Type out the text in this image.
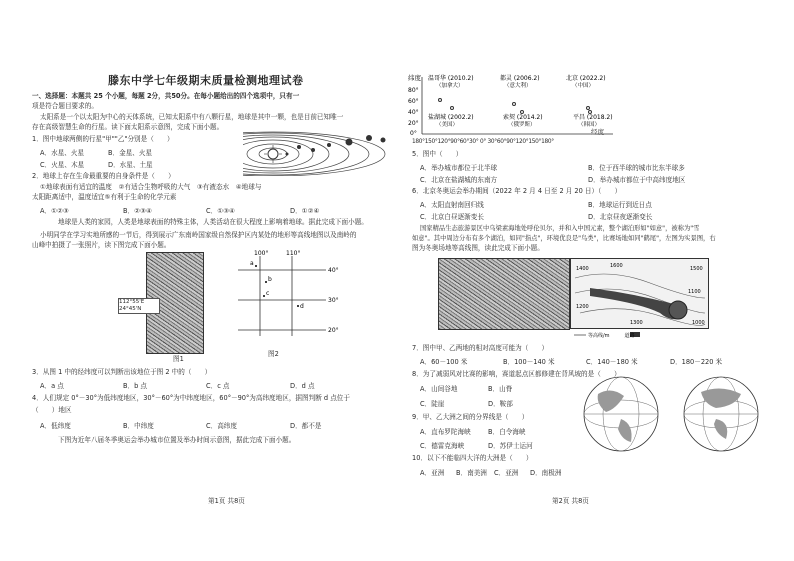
滕东中学七年级期末质量检测地理试卷
一、选择题：本题共 25 个小题，每题 2分，共50分。在每小题给出的四个选项中，只有一
项是符合题目要求的。
太阳系是一个以太阳为中心的天体系统，已知太阳系中有八颗行星，地球是其中一颗，也是目前已知唯一
存在高级智慧生命的行星。读下面太阳系示意图，完成下面小题。
1．图中地球两侧的行星"甲""乙"分别是（　　）
A．水星、火星	B．金星、火星
C．火星、木星	D．水星、土星
2．地球上存在生命最重要的自身条件是（　　）
①地球表面有适宜的温度　②有适合生物呼吸的大气　③有液态水　④地球与
太阳距离适中，温度适宜⑤有利于生命的化学元素
A．①②③	B．②③④	C．①③④	D．①②④
地球是人类的家园，人类是地球表面的特殊主体，人类活动在很大程度上影响着地球。据此完成下面小题。
小明同学在学习实地所感的一节后，得到展示广东南岭国家级自然保护区内某处的地形等高线地图以及南岭的
山峰中拍摄了一张照片，读下图完成下面小题。
112°55'E
24°45'N
图1
100°	110°
40°
30°
20°
a
b
c
d
图2
3．从图 1 中的经纬度可以判断出该地位于图 2 中的（　　）
A．a 点	B．b 点	C．c 点	D．d 点
4．人们规定 0°－30°为低纬度地区，30°－60°为中纬度地区，60°－90°为高纬度地区，据图判断 d 点位于
（　　）地区
A．低纬度	B．中纬度	C．高纬度	D．都不是
下图为近年八届冬季奥运会举办城市位置及举办时间示意图，据此完成下面小题。
第1页 共8页
纬度
80°
60°
40°
20°
0°
温哥华 (2010.2)
（加拿大）
都灵 (2006.2)
（意大利）
北京 (2022.2)
（中国）
盐湖城 (2002.2)
（美国）
索契 (2014.2)
（俄罗斯）
平昌 (2018.2)
（韩国）
经度
180°150°120°90°60°30° 0° 30°60°90°120°150°180°
5．图中（　　）
A．举办城市都位于北半球	B．位于西半球的城市比东半球多
C．北京在盐湖城的东南方	D．举办城市都位于中高纬度地区
6．北京冬奥运会举办期间（2022 年 2 月 4 日至 2 月 20 日）（　　）
A．太阳直射南回归线	B．地球运行到近日点
C．北京白昼逐渐变长	D．北京昼夜逐渐变长
国家精品生态旅游景区中乌梁素海地处呼伦贝尔，并和入中国元素，整个湖泊形如"如意"，被称为"雪
如意"。其中周边分布有多个湖泊，如同"指点"，环境优良是"鸟类"，比赛场地如同"鹤尾"，左图为实景图，右
图为冬奥场地等高线图，读此完成下面小题。
1400	1600	1500
1200
1300
1100
1000
等高线/m　　　道路
7．图中甲、乙两地的相对高度可能为（　　）
A．60－100 米	B．100－140 米	C．140－180 米	D．180－220 米
8．为了减弱风对比赛的影响，赛道起点区都修建在背风坡的是（　　）
A．山间谷地	B．山脊
C．陡崖	D．鞍部
9．甲、乙大洲之间的分界线是（　　）
A．直布罗陀海峡	B．白令海峡
C．德雷克海峡	D．苏伊士运河
10．以下不能临四大洋的大洲是（　　）
A．亚洲 B．南美洲 C．亚洲 D．南极洲
第2页 共8页
